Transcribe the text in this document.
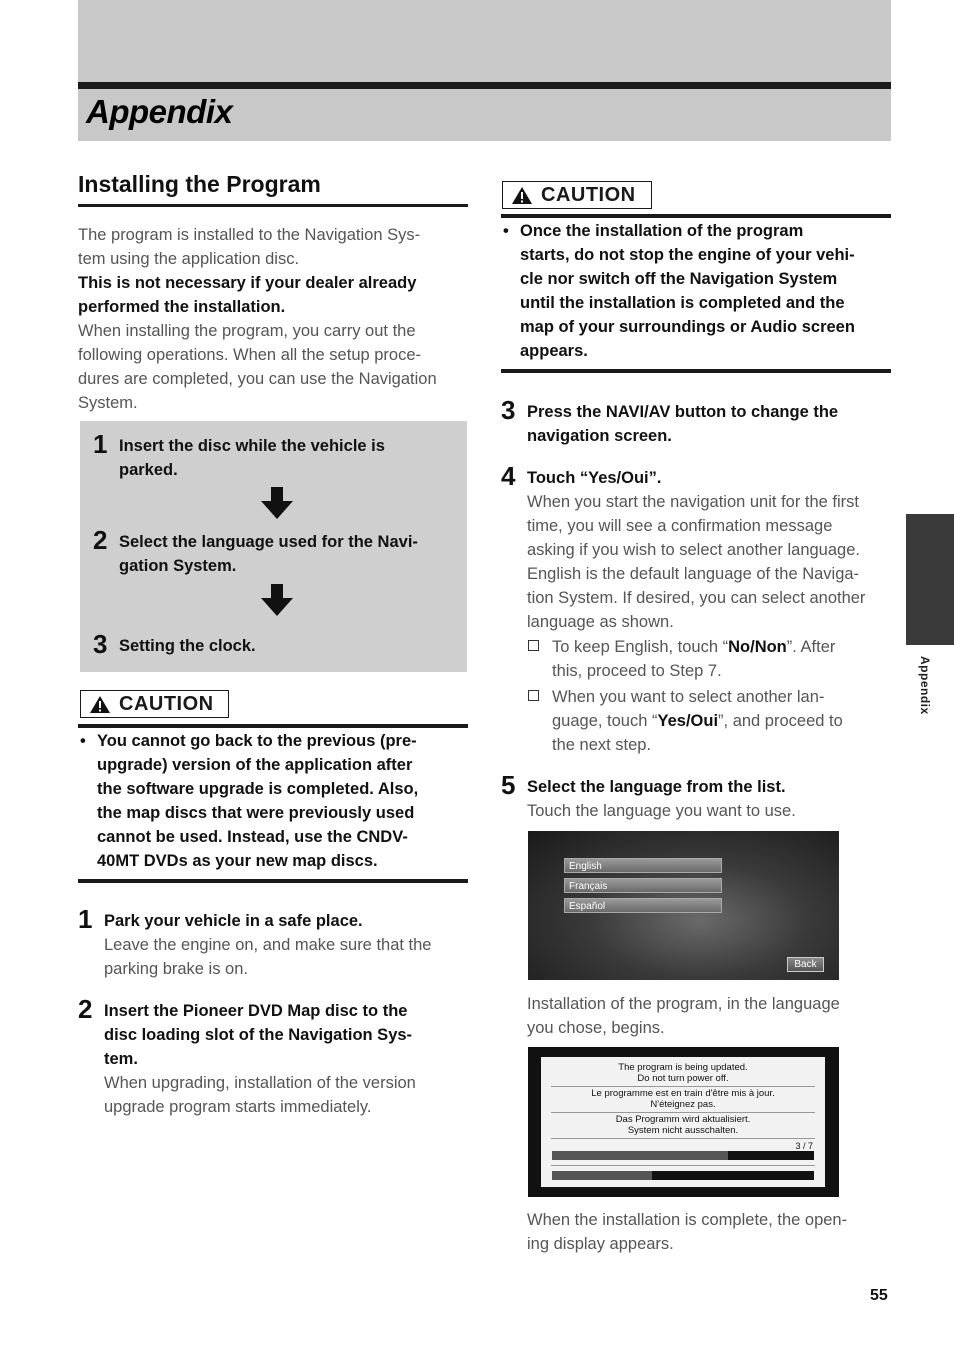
Appendix
Appendix
Installing the Program
The program is installed to the Navigation Sys-
tem using the application disc.
This is not necessary if your dealer already
performed the installation.
When installing the program, you carry out the
following operations. When all the setup proce-
dures are completed, you can use the Navigation
System.
1 Insert the disc while the vehicle is
parked.
2 Select the language used for the Navi-
gation System.
3 Setting the clock.
CAUTION
• You cannot go back to the previous (pre-
upgrade) version of the application after
the software upgrade is completed. Also,
the map discs that were previously used
cannot be used. Instead, use the CNDV-
40MT DVDs as your new map discs.
1 Park your vehicle in a safe place.
Leave the engine on, and make sure that the
parking brake is on.
2 Insert the Pioneer DVD Map disc to the
disc loading slot of the Navigation Sys-
tem.
When upgrading, installation of the version
upgrade program starts immediately.
CAUTION
• Once the installation of the program
starts, do not stop the engine of your vehi-
cle nor switch off the Navigation System
until the installation is completed and the
map of your surroundings or Audio screen
appears.
3 Press the NAVI/AV button to change the
navigation screen.
4 Touch “Yes/Oui”.
When you start the navigation unit for the first
time, you will see a confirmation message
asking if you wish to select another language.
English is the default language of the Naviga-
tion System. If desired, you can select another
language as shown.
To keep English, touch “No/Non”. After
this, proceed to Step 7.
When you want to select another lan-
guage, touch “Yes/Oui”, and proceed to
the next step.
5 Select the language from the list.
Touch the language you want to use.
English
Français
Español
Back
Installation of the program, in the language
you chose, begins.
The program is being updated.
Do not turn power off.
Le programme est en train d'être mis à jour.
N'éteignez pas.
Das Programm wird aktualisiert.
System nicht ausschalten.
3 / 7
When the installation is complete, the open-
ing display appears.
55
